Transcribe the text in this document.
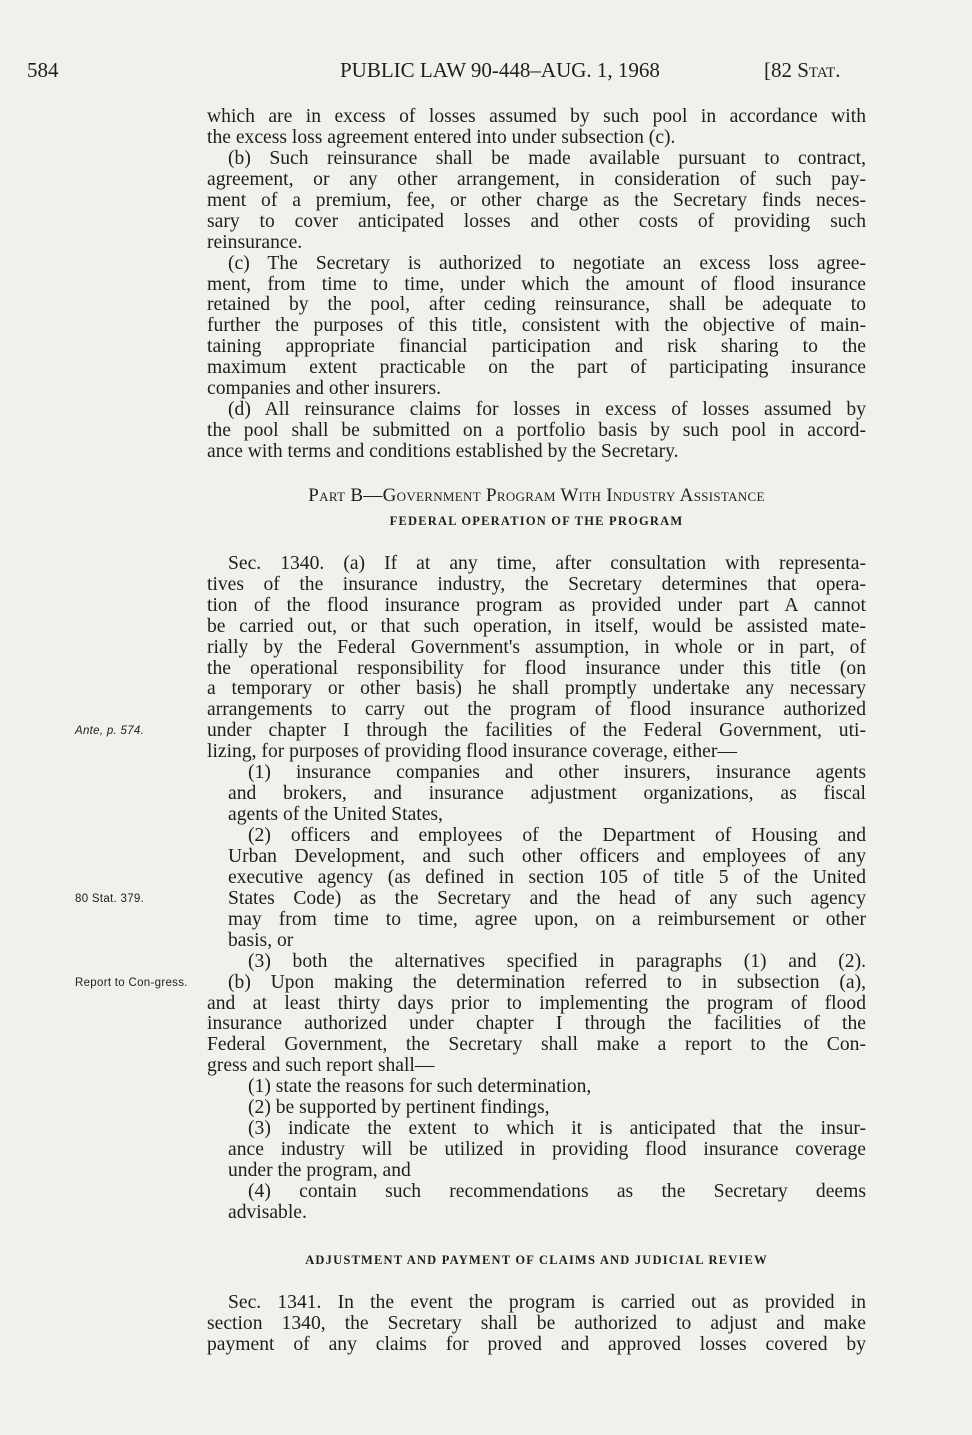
584	PUBLIC LAW 90-448–AUG. 1, 1968	[82 Stat.
which are in excess of losses assumed by such pool in accordance with
the excess loss agreement entered into under subsection (c).
(b) Such reinsurance shall be made available pursuant to contract,
agreement, or any other arrangement, in consideration of such pay-
ment of a premium, fee, or other charge as the Secretary finds neces-
sary to cover anticipated losses and other costs of providing such
reinsurance.
(c) The Secretary is authorized to negotiate an excess loss agree-
ment, from time to time, under which the amount of flood insurance
retained by the pool, after ceding reinsurance, shall be adequate to
further the purposes of this title, consistent with the objective of main-
taining appropriate financial participation and risk sharing to the
maximum extent practicable on the part of participating insurance
companies and other insurers.
(d) All reinsurance claims for losses in excess of losses assumed by
the pool shall be submitted on a portfolio basis by such pool in accord-
ance with terms and conditions established by the Secretary.
Part B—Government Program With Industry Assistance
FEDERAL OPERATION OF THE PROGRAM
Sec. 1340. (a) If at any time, after consultation with representa-
tives of the insurance industry, the Secretary determines that opera-
tion of the flood insurance program as provided under part A cannot
be carried out, or that such operation, in itself, would be assisted mate-
rially by the Federal Government's assumption, in whole or in part, of
the operational responsibility for flood insurance under this title (on
a temporary or other basis) he shall promptly undertake any necessary
arrangements to carry out the program of flood insurance authorized
under chapter I through the facilities of the Federal Government, uti-
Ante, p. 574.
lizing, for purposes of providing flood insurance coverage, either—
(1) insurance companies and other insurers, insurance agents
and brokers, and insurance adjustment organizations, as fiscal
agents of the United States,
(2) officers and employees of the Department of Housing and
Urban Development, and such other officers and employees of any
executive agency (as defined in section 105 of title 5 of the United
States Code) as the Secretary and the head of any such agency
80 Stat. 379.
may from time to time, agree upon, on a reimbursement or other
basis, or
(3) both the alternatives specified in paragraphs (1) and (2).
(b) Upon making the determination referred to in subsection (a),
Report to Con-gress.
and at least thirty days prior to implementing the program of flood
insurance authorized under chapter I through the facilities of the
Federal Government, the Secretary shall make a report to the Con-
gress and such report shall—
(1) state the reasons for such determination,
(2) be supported by pertinent findings,
(3) indicate the extent to which it is anticipated that the insur-
ance industry will be utilized in providing flood insurance coverage
under the program, and
(4) contain such recommendations as the Secretary deems
advisable.
ADJUSTMENT AND PAYMENT OF CLAIMS AND JUDICIAL REVIEW
Sec. 1341. In the event the program is carried out as provided in
section 1340, the Secretary shall be authorized to adjust and make
payment of any claims for proved and approved losses covered by
